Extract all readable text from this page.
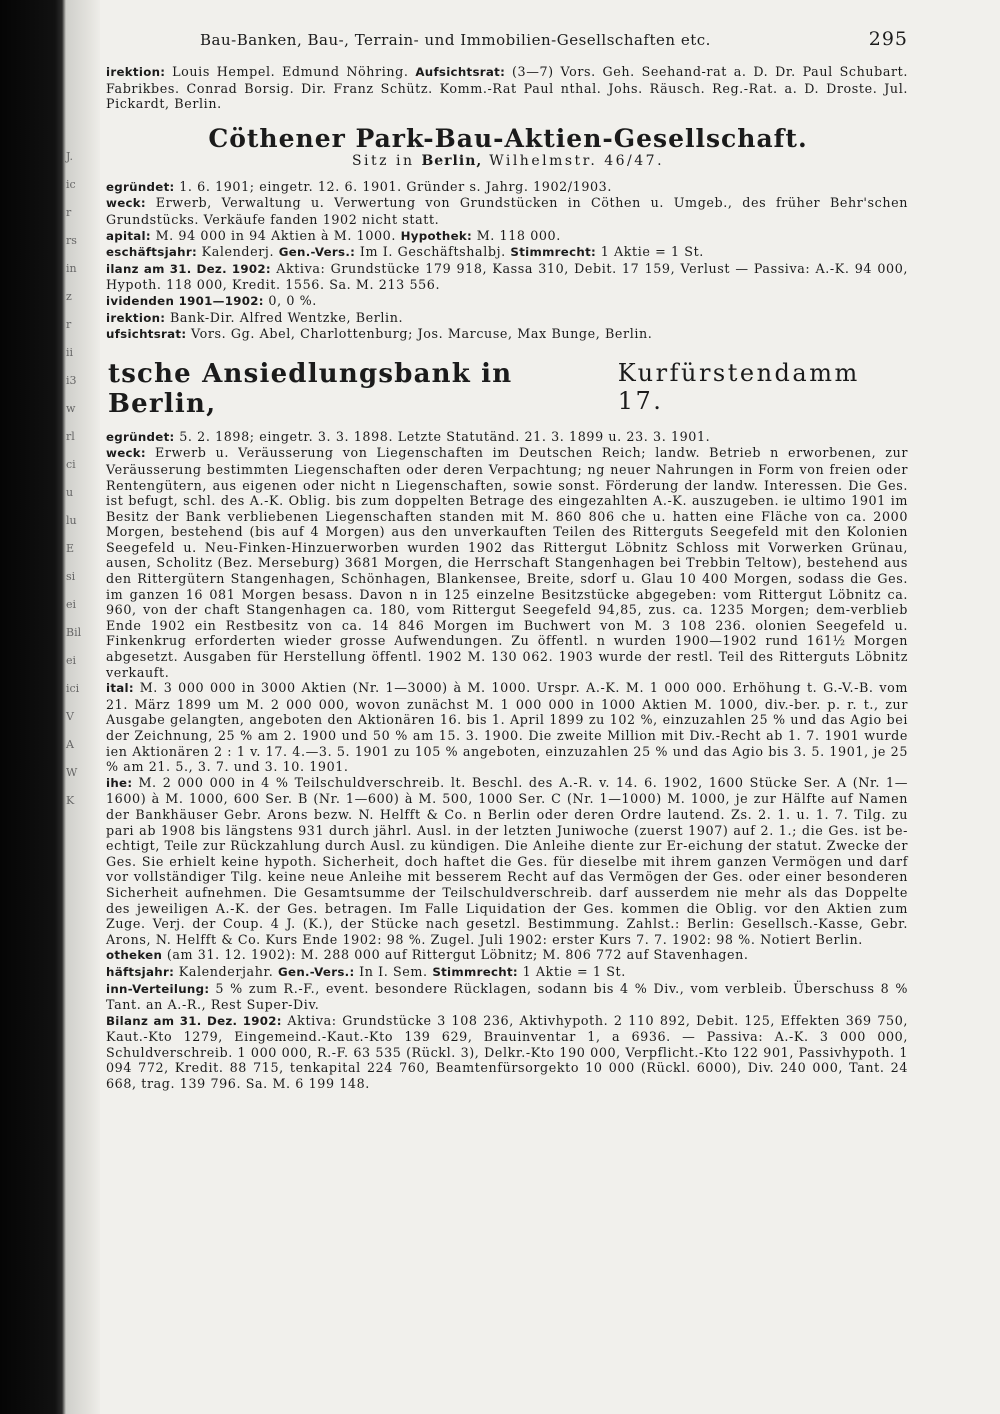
J.
ic
r
rs
in
z
r
ii
i3
w
rl
ci
u
lu
E
si
ei
Bil
ei
ici
V
A
W
K
Bau-Banken, Bau-, Terrain- und Immobilien-Gesellschaften etc.	295

irektion: Louis Hempel. Edmund Nöhring. Aufsichtsrat: (3—7) Vors. Geh. Seehand-rat a. D. Dr. Paul Schubart. Fabrikbes. Conrad Borsig. Dir. Franz Schütz. Komm.-Rat Paul nthal. Johs. Räusch. Reg.-Rat. a. D. Droste. Jul. Pickardt, Berlin.

Cöthener Park-Bau-Aktien-Gesellschaft.
Sitz in Berlin, Wilhelmstr. 46/47.

egründet: 1. 6. 1901; eingetr. 12. 6. 1901. Gründer s. Jahrg. 1902/1903.

weck: Erwerb, Verwaltung u. Verwertung von Grundstücken in Cöthen u. Umgeb., des früher Behr'schen Grundstücks. Verkäufe fanden 1902 nicht statt.

apital: M. 94 000 in 94 Aktien à M. 1000. Hypothek: M. 118 000.

eschäftsjahr: Kalenderj. Gen.-Vers.: Im I. Geschäftshalbj. Stimmrecht: 1 Aktie = 1 St.

ilanz am 31. Dez. 1902: Aktiva: Grundstücke 179 918, Kassa 310, Debit. 17 159, Verlust — Passiva: A.-K. 94 000, Hypoth. 118 000, Kredit. 1556. Sa. M. 213 556.

ividenden 1901—1902: 0, 0 %.

irektion: Bank-Dir. Alfred Wentzke, Berlin.

ufsichtsrat: Vors. Gg. Abel, Charlottenburg; Jos. Marcuse, Max Bunge, Berlin.

tsche Ansiedlungsbank in Berlin,
Kurfürstendamm 17.

egründet: 5. 2. 1898; eingetr. 3. 3. 1898. Letzte Statutänd. 21. 3. 1899 u. 23. 3. 1901.

weck: Erwerb u. Veräusserung von Liegenschaften im Deutschen Reich; landw. Betrieb n erworbenen, zur Veräusserung bestimmten Liegenschaften oder deren Verpachtung; ng neuer Nahrungen in Form von freien oder Rentengütern, aus eigenen oder nicht n Liegenschaften, sowie sonst. Förderung der landw. Interessen. Die Ges. ist befugt, schl. des A.-K. Oblig. bis zum doppelten Betrage des eingezahlten A.-K. auszugeben. ie ultimo 1901 im Besitz der Bank verbliebenen Liegenschaften standen mit M. 860 806 che u. hatten eine Fläche von ca. 2000 Morgen, bestehend (bis auf 4 Morgen) aus den unverkauften Teilen des Ritterguts Seegefeld mit den Kolonien Seegefeld u. Neu-Finken-Hinzuerworben wurden 1902 das Rittergut Löbnitz Schloss mit Vorwerken Grünau, ausen, Scholitz (Bez. Merseburg) 3681 Morgen, die Herrschaft Stangenhagen bei Trebbin Teltow), bestehend aus den Rittergütern Stangenhagen, Schönhagen, Blankensee, Breite, sdorf u. Glau 10 400 Morgen, sodass die Ges. im ganzen 16 081 Morgen besass. Davon n in 125 einzelne Besitzstücke abgegeben: vom Rittergut Löbnitz ca. 960, von der chaft Stangenhagen ca. 180, vom Rittergut Seegefeld 94,85, zus. ca. 1235 Morgen; dem-verblieb Ende 1902 ein Restbesitz von ca. 14 846 Morgen im Buchwert von M. 3 108 236. olonien Seegefeld u. Finkenkrug erforderten wieder grosse Aufwendungen. Zu öffentl. n wurden 1900—1902 rund 161½ Morgen abgesetzt. Ausgaben für Herstellung öffentl. 1902 M. 130 062. 1903 wurde der restl. Teil des Ritterguts Löbnitz verkauft.

ital: M. 3 000 000 in 3000 Aktien (Nr. 1—3000) à M. 1000. Urspr. A.-K. M. 1 000 000. Erhöhung t. G.-V.-B. vom 21. März 1899 um M. 2 000 000, wovon zunächst M. 1 000 000 in 1000 Aktien M. 1000, div.-ber. p. r. t., zur Ausgabe gelangten, angeboten den Aktionären 16. bis 1. April 1899 zu 102 %, einzuzahlen 25 % und das Agio bei der Zeichnung, 25 % am 2. 1900 und 50 % am 15. 3. 1900. Die zweite Million mit Div.-Recht ab 1. 7. 1901 wurde ien Aktionären 2 : 1 v. 17. 4.—3. 5. 1901 zu 105 % angeboten, einzuzahlen 25 % und das Agio bis 3. 5. 1901, je 25 % am 21. 5., 3. 7. und 3. 10. 1901.

ihe: M. 2 000 000 in 4 % Teilschuldverschreib. lt. Beschl. des A.-R. v. 14. 6. 1902, 1600 Stücke Ser. A (Nr. 1—1600) à M. 1000, 600 Ser. B (Nr. 1—600) à M. 500, 1000 Ser. C (Nr. 1—1000) M. 1000, je zur Hälfte auf Namen der Bankhäuser Gebr. Arons bezw. N. Helfft & Co. n Berlin oder deren Ordre lautend. Zs. 2. 1. u. 1. 7. Tilg. zu pari ab 1908 bis längstens 931 durch jährl. Ausl. in der letzten Juniwoche (zuerst 1907) auf 2. 1.; die Ges. ist be-echtigt, Teile zur Rückzahlung durch Ausl. zu kündigen. Die Anleihe diente zur Er-eichung der statut. Zwecke der Ges. Sie erhielt keine hypoth. Sicherheit, doch haftet die Ges. für dieselbe mit ihrem ganzen Vermögen und darf vor vollständiger Tilg. keine neue Anleihe mit besserem Recht auf das Vermögen der Ges. oder einer besonderen Sicherheit aufnehmen. Die Gesamtsumme der Teilschuldverschreib. darf ausserdem nie mehr als das Doppelte des jeweiligen A.-K. der Ges. betragen. Im Falle Liquidation der Ges. kommen die Oblig. vor den Aktien zum Zuge. Verj. der Coup. 4 J. (K.), der Stücke nach gesetzl. Bestimmung. Zahlst.: Berlin: Gesellsch.-Kasse, Gebr. Arons, N. Helfft & Co. Kurs Ende 1902: 98 %. Zugel. Juli 1902: erster Kurs 7. 7. 1902: 98 %. Notiert Berlin.

otheken (am 31. 12. 1902): M. 288 000 auf Rittergut Löbnitz; M. 806 772 auf Stavenhagen.

häftsjahr: Kalenderjahr. Gen.-Vers.: In I. Sem. Stimmrecht: 1 Aktie = 1 St.

inn-Verteilung: 5 % zum R.-F., event. besondere Rücklagen, sodann bis 4 % Div., vom verbleib. Überschuss 8 % Tant. an A.-R., Rest Super-Div.

Bilanz am 31. Dez. 1902: Aktiva: Grundstücke 3 108 236, Aktivhypoth. 2 110 892, Debit. 125, Effekten 369 750, Kaut.-Kto 1279, Eingemeind.-Kaut.-Kto 139 629, Brauinventar 1, a 6936. — Passiva: A.-K. 3 000 000, Schuldverschreib. 1 000 000, R.-F. 63 535 (Rückl. 3), Delkr.-Kto 190 000, Verpflicht.-Kto 122 901, Passivhypoth. 1 094 772, Kredit. 88 715, tenkapital 224 760, Beamtenfürsorgekto 10 000 (Rückl. 6000), Div. 240 000, Tant. 24 668, trag. 139 796. Sa. M. 6 199 148.
